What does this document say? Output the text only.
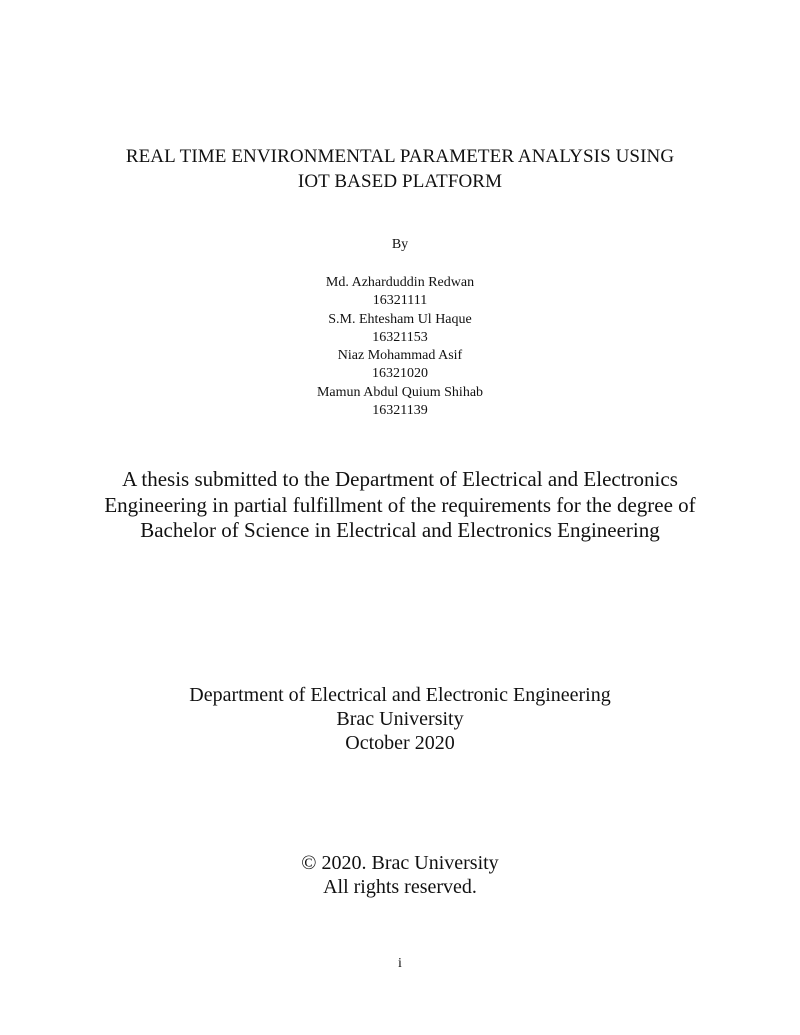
REAL TIME ENVIRONMENTAL PARAMETER ANALYSIS USING
IOT BASED PLATFORM
By
Md. Azharduddin Redwan
16321111
S.M. Ehtesham Ul Haque
16321153
Niaz Mohammad Asif
16321020
Mamun Abdul Quium Shihab
16321139
A thesis submitted to the Department of Electrical and Electronics
Engineering in partial fulfillment of the requirements for the degree of
Bachelor of Science in Electrical and Electronics Engineering
Department of Electrical and Electronic Engineering
Brac University
October 2020
© 2020. Brac University
All rights reserved.
i
